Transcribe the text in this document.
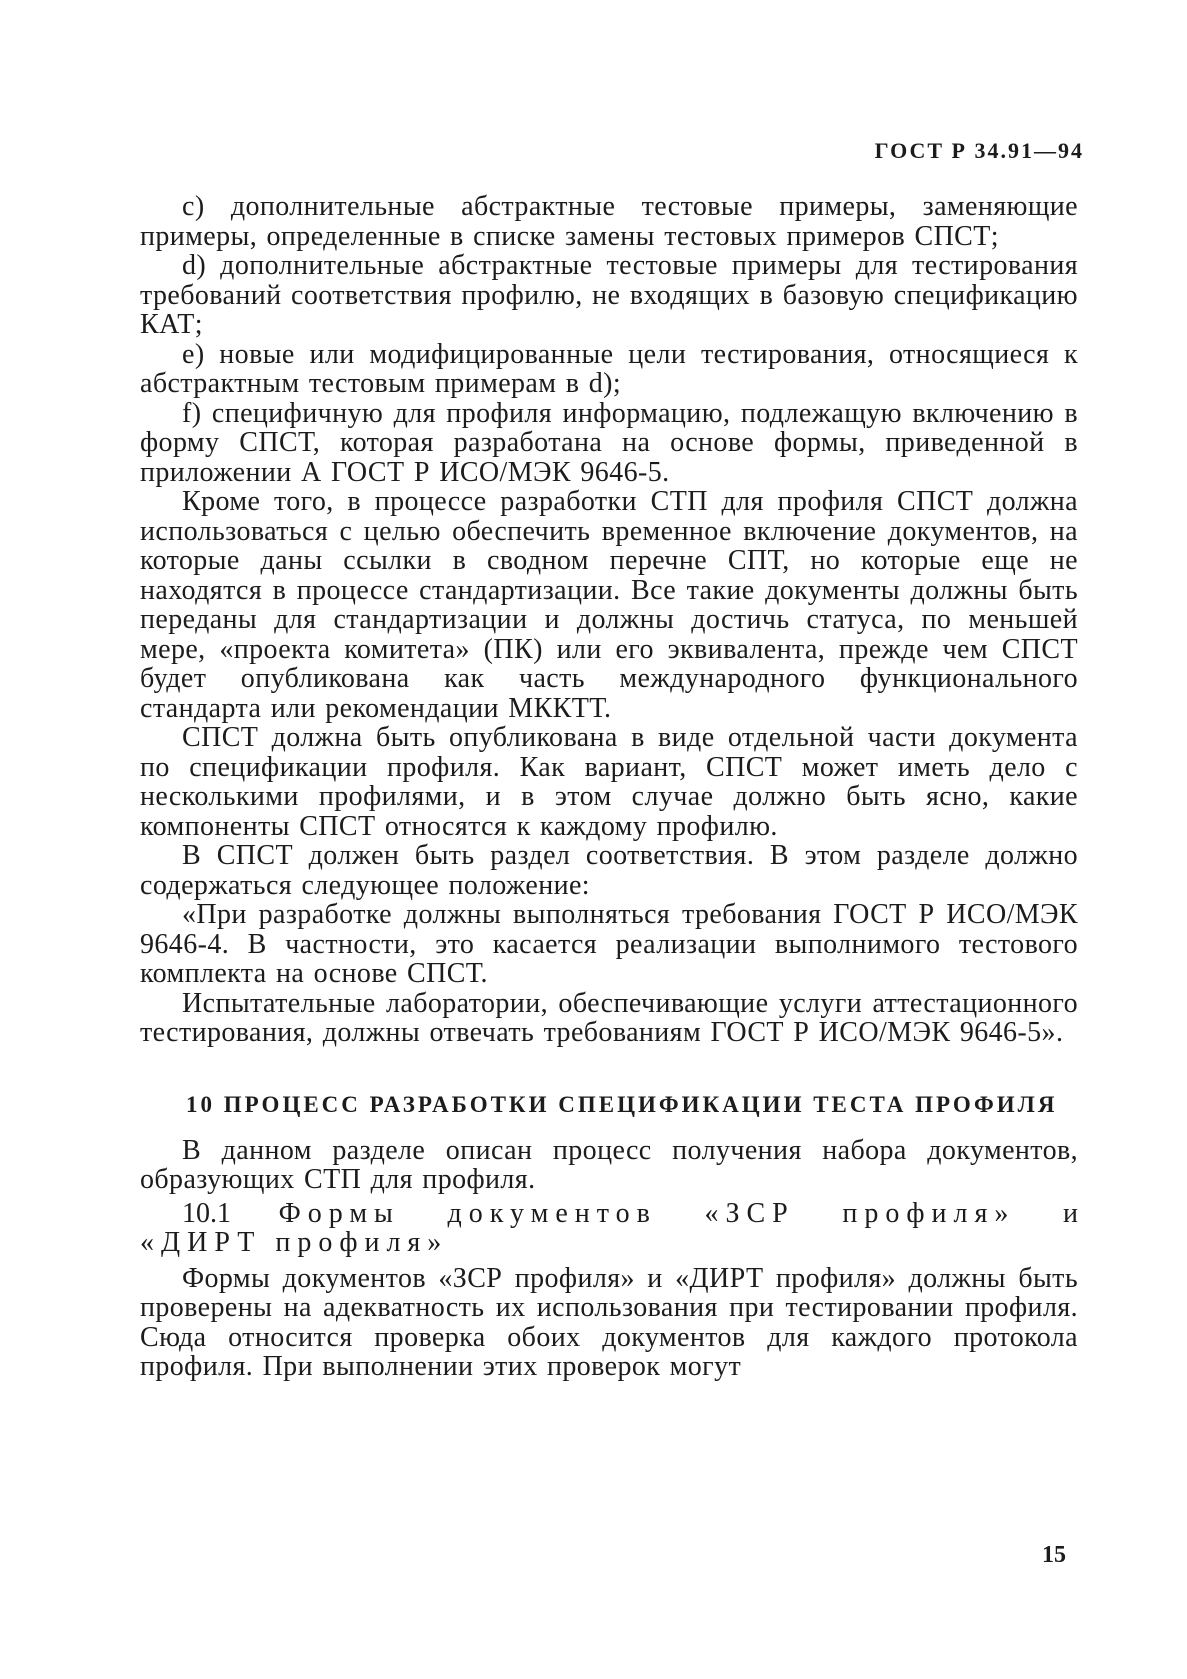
ГОСТ Р 34.91—94

с) дополнительные абстрактные тестовые примеры, заменяющие примеры, определенные в списке замены тестовых примеров СПСТ;

d) дополнительные абстрактные тестовые примеры для тестирования требований соответствия профилю, не входящих в базовую спецификацию КАТ;

е) новые или модифицированные цели тестирования, относящиеся к абстрактным тестовым примерам в d);

f) специфичную для профиля информацию, подлежащую включению в форму СПСТ, которая разработана на основе формы, приведенной в приложении А ГОСТ Р ИСО/МЭК 9646-5.

Кроме того, в процессе разработки СТП для профиля СПСТ должна использоваться с целью обеспечить временное включение документов, на которые даны ссылки в сводном перечне СПТ, но которые еще не находятся в процессе стандартизации. Все такие документы должны быть переданы для стандартизации и должны достичь статуса, по меньшей мере, «проекта комитета» (ПК) или его эквивалента, прежде чем СПСТ будет опубликована как часть международного функционального стандарта или рекомендации МККТТ.

СПСТ должна быть опубликована в виде отдельной части документа по спецификации профиля. Как вариант, СПСТ может иметь дело с несколькими профилями, и в этом случае должно быть ясно, какие компоненты СПСТ относятся к каждому профилю.

В СПСТ должен быть раздел соответствия. В этом разделе должно содержаться следующее положение:

«При разработке должны выполняться требования ГОСТ Р ИСО/МЭК 9646-4. В частности, это касается реализации выполнимого тестового комплекта на основе СПСТ.

Испытательные лаборатории, обеспечивающие услуги аттестационного тестирования, должны отвечать требованиям ГОСТ Р ИСО/МЭК 9646-5».

10 ПРОЦЕСС РАЗРАБОТКИ СПЕЦИФИКАЦИИ ТЕСТА ПРОФИЛЯ

В данном разделе описан процесс получения набора документов, образующих СТП для профиля.

10.1 Формы документов «ЗСР профиля» и
«ДИРТ профиля»

Формы документов «ЗСР профиля» и «ДИРТ профиля» должны быть проверены на адекватность их использования при тестировании профиля. Сюда относится проверка обоих документов для каждого протокола профиля. При выполнении этих проверок могут

15
